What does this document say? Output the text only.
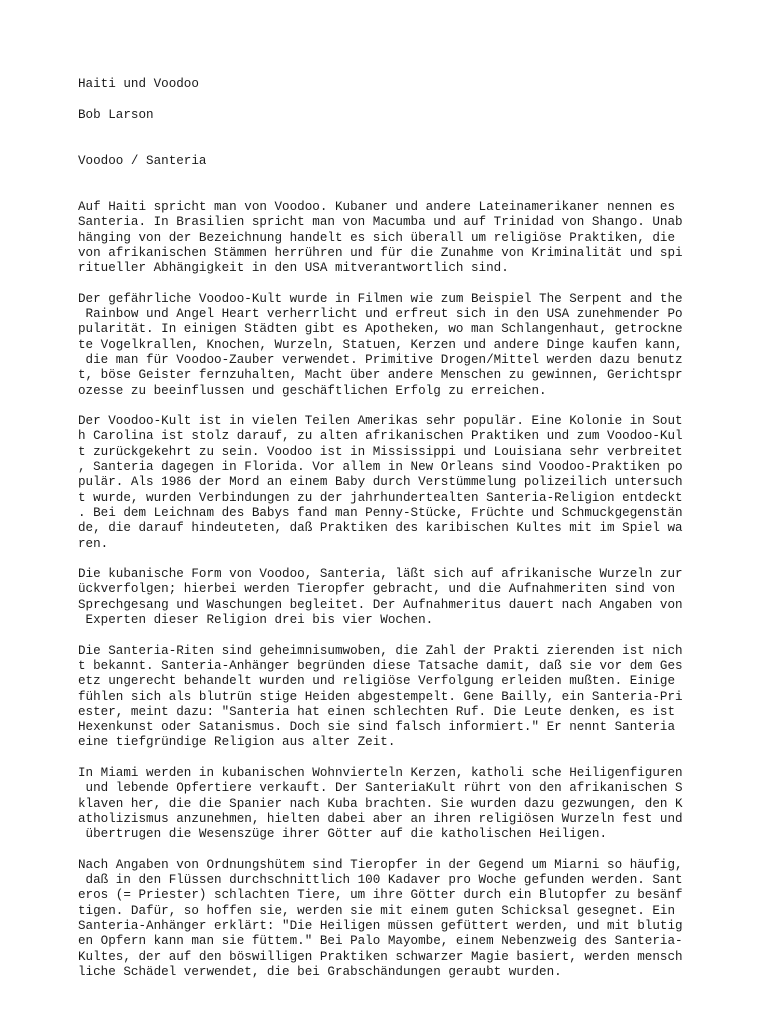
Haiti und Voodoo
Bob Larson
Voodoo / Santeria
Auf Haiti spricht man von Voodoo. Kubaner und andere Lateinamerikaner nennen es
Santeria. In Brasilien spricht man von Macumba und auf Trinidad von Shango. Unab
hänging von der Bezeichnung handelt es sich überall um religiöse Praktiken, die
von afrikanischen Stämmen herrühren und für die Zunahme von Kriminalität und spi
ritueller Abhängigkeit in den USA mitverantwortlich sind.
Der gefährliche Voodoo-Kult wurde in Filmen wie zum Beispiel The Serpent and the
Rainbow und Angel Heart verherrlicht und erfreut sich in den USA zunehmender Po
pularität. In einigen Städten gibt es Apotheken, wo man Schlangenhaut, getrockne
te Vogelkrallen, Knochen, Wurzeln, Statuen, Kerzen und andere Dinge kaufen kann,
die man für Voodoo-Zauber verwendet. Primitive Drogen/Mittel werden dazu benutz
t, böse Geister fernzuhalten, Macht über andere Menschen zu gewinnen, Gerichtspr
ozesse zu beeinflussen und geschäftlichen Erfolg zu erreichen.
Der Voodoo-Kult ist in vielen Teilen Amerikas sehr populär. Eine Kolonie in Sout
h Carolina ist stolz darauf, zu alten afrikanischen Praktiken und zum Voodoo-Kul
t zurückgekehrt zu sein. Voodoo ist in Mississippi und Louisiana sehr verbreitet
, Santeria dagegen in Florida. Vor allem in New Orleans sind Voodoo-Praktiken po
pulär. Als 1986 der Mord an einem Baby durch Verstümmelung polizeilich untersuch
t wurde, wurden Verbindungen zu der jahrhundertealten Santeria-Religion entdeckt
. Bei dem Leichnam des Babys fand man Penny-Stücke, Früchte und Schmuckgegenstän
de, die darauf hindeuteten, daß Praktiken des karibischen Kultes mit im Spiel wa
ren.
Die kubanische Form von Voodoo, Santeria, läßt sich auf afrikanische Wurzeln zur
ückverfolgen; hierbei werden Tieropfer gebracht, und die Aufnahmeriten sind von
Sprechgesang und Waschungen begleitet. Der Aufnahmeritus dauert nach Angaben von
Experten dieser Religion drei bis vier Wochen.
Die Santeria-Riten sind geheimnisumwoben, die Zahl der Prakti zierenden ist nich
t bekannt. Santeria-Anhänger begründen diese Tatsache damit, daß sie vor dem Ges
etz ungerecht behandelt wurden und religiöse Verfolgung erleiden mußten. Einige
fühlen sich als blutrün stige Heiden abgestempelt. Gene Bailly, ein Santeria-Pri
ester, meint dazu: "Santeria hat einen schlechten Ruf. Die Leute denken, es ist
Hexenkunst oder Satanismus. Doch sie sind falsch informiert." Er nennt Santeria
eine tiefgründige Religion aus alter Zeit.
In Miami werden in kubanischen Wohnvierteln Kerzen, katholi sche Heiligenfiguren
und lebende Opfertiere verkauft. Der SanteriaKult rührt von den afrikanischen S
klaven her, die die Spanier nach Kuba brachten. Sie wurden dazu gezwungen, den K
atholizismus anzunehmen, hielten dabei aber an ihren religiösen Wurzeln fest und
übertrugen die Wesenszüge ihrer Götter auf die katholischen Heiligen.
Nach Angaben von Ordnungshütem sind Tieropfer in der Gegend um Miarni so häufig,
daß in den Flüssen durchschnittlich 100 Kadaver pro Woche gefunden werden. Sant
eros (= Priester) schlachten Tiere, um ihre Götter durch ein Blutopfer zu besänf
tigen. Dafür, so hoffen sie, werden sie mit einem guten Schicksal gesegnet. Ein
Santeria-Anhänger erklärt: "Die Heiligen müssen gefüttert werden, und mit blutig
en Opfern kann man sie füttem." Bei Palo Mayombe, einem Nebenzweig des Santeria-
Kultes, der auf den böswilligen Praktiken schwarzer Magie basiert, werden mensch
liche Schädel verwendet, die bei Grabschändungen geraubt wurden.
